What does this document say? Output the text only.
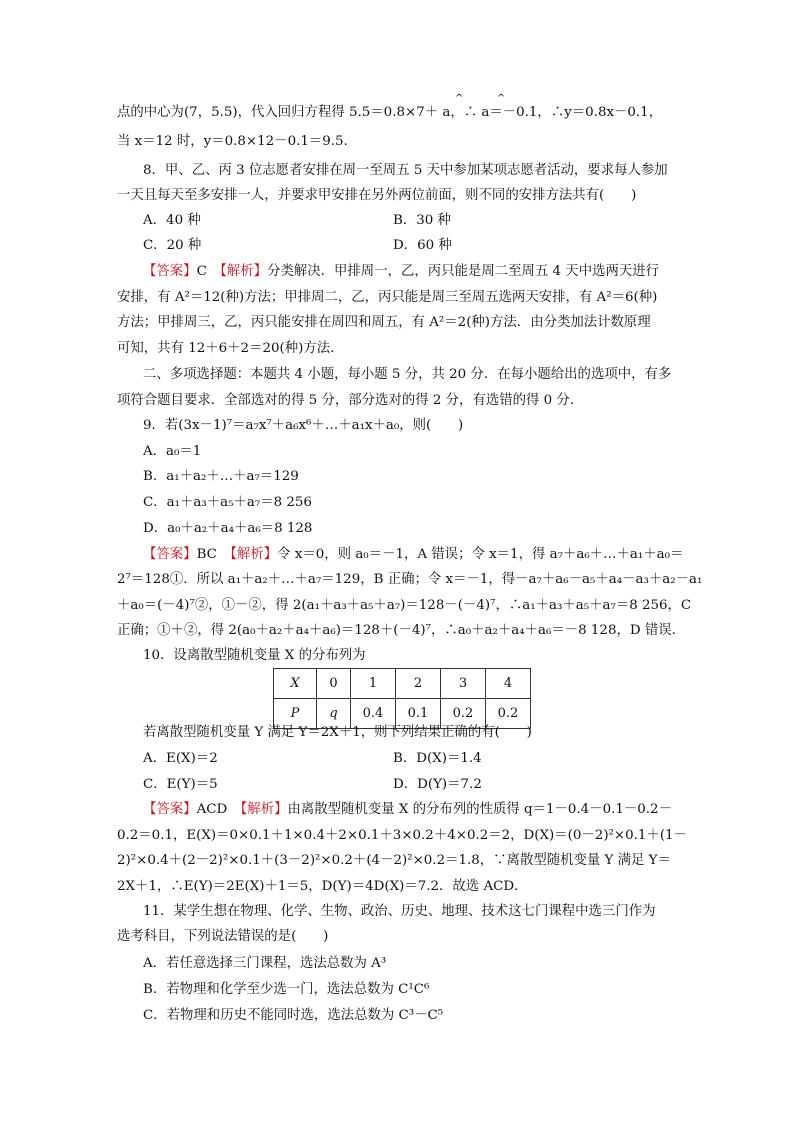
^	^
点的中心为(7，5.5)，代入回归方程得 5.5＝0.8×7＋ a，∴ a＝－0.1，∴y＝0.8x－0.1，
当 x＝12 时，y＝0.8×12－0.1＝9.5.
8．甲、乙、丙 3 位志愿者安排在周一至周五 5 天中参加某项志愿者活动，要求每人参加
一天且每天至多安排一人，并要求甲安排在另外两位前面，则不同的安排方法共有(　　)
A．40 种	B．30 种
C．20 种	D．60 种
【答案】C　【解析】分类解决．甲排周一，乙，丙只能是周二至周五 4 天中选两天进行
安排，有 A²＝12(种)方法；甲排周二，乙，丙只能是周三至周五选两天安排，有 A²＝6(种)
方法；甲排周三，乙，丙只能安排在周四和周五，有 A²＝2(种)方法．由分类加法计数原理
可知，共有 12＋6＋2＝20(种)方法．
二、多项选择题：本题共 4 小题，每小题 5 分，共 20 分．在每小题给出的选项中，有多
项符合题目要求．全部选对的得 5 分，部分选对的得 2 分，有选错的得 0 分．
9．若(3x－1)⁷＝a₇x⁷＋a₆x⁶＋…＋a₁x＋a₀，则(　　)
A．a₀＝1
B．a₁＋a₂＋…＋a₇＝129
C．a₁＋a₃＋a₅＋a₇＝8 256
D．a₀＋a₂＋a₄＋a₆＝8 128
【答案】BC　【解析】令 x＝0，则 a₀＝－1，A 错误；令 x＝1，得 a₇＋a₆＋…＋a₁＋a₀＝
2⁷＝128①．所以 a₁＋a₂＋…＋a₇＝129，B 正确；令 x＝－1，得－a₇＋a₆－a₅＋a₄－a₃＋a₂－a₁
＋a₀＝(－4)⁷②，①－②，得 2(a₁＋a₃＋a₅＋a₇)＝128－(－4)⁷，∴a₁＋a₃＋a₅＋a₇＝8 256，C
正确；①＋②，得 2(a₀＋a₂＋a₄＋a₆)＝128＋(－4)⁷，∴a₀＋a₂＋a₄＋a₆＝－8 128，D 错误．
10．设离散型随机变量 X 的分布列为
X	0	1	2	3	4
P	q	0.4	0.1	0.2	0.2
若离散型随机变量 Y 满足 Y＝2X＋1，则下列结果正确的有(　　)
A．E(X)＝2	B．D(X)＝1.4
C．E(Y)＝5	D．D(Y)＝7.2
【答案】ACD　【解析】由离散型随机变量 X 的分布列的性质得 q＝1－0.4－0.1－0.2－
0.2＝0.1，E(X)＝0×0.1＋1×0.4＋2×0.1＋3×0.2＋4×0.2＝2，D(X)＝(0－2)²×0.1＋(1－
2)²×0.4＋(2－2)²×0.1＋(3－2)²×0.2＋(4－2)²×0.2＝1.8，∵离散型随机变量 Y 满足 Y＝
2X＋1，∴E(Y)＝2E(X)＋1＝5，D(Y)＝4D(X)＝7.2．故选 ACD．
11．某学生想在物理、化学、生物、政治、历史、地理、技术这七门课程中选三门作为
选考科目，下列说法错误的是(　　)
A．若任意选择三门课程，选法总数为 A³
B．若物理和化学至少选一门，选法总数为 C¹C⁶
C．若物理和历史不能同时选，选法总数为 C³－C⁵
